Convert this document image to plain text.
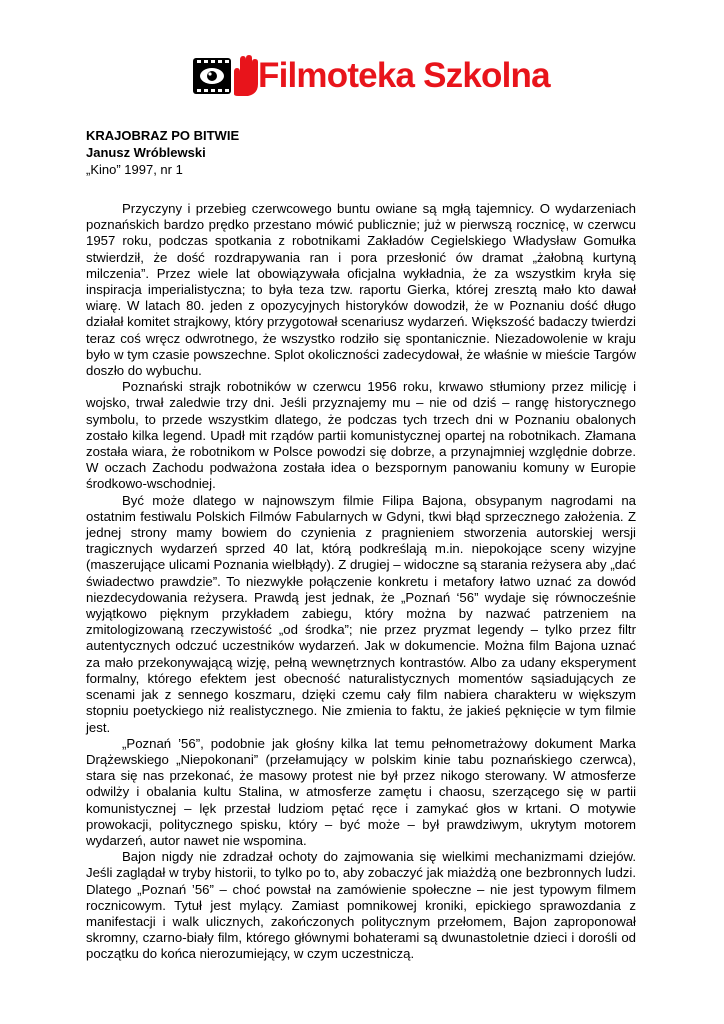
Filmoteka Szkolna
KRAJOBRAZ PO BITWIE
Janusz Wróblewski
„Kino” 1997, nr 1

Przyczyny i przebieg czerwcowego buntu owiane są mgłą tajemnicy. O wydarzeniach poznańskich bardzo prędko przestano mówić publicznie; już w pierwszą rocznicę, w czerwcu 1957 roku, podczas spotkania z robotnikami Zakładów Cegielskiego Władysław Gomułka stwierdził, że dość rozdrapywania ran i pora przesłonić ów dramat „żałobną kurtyną milczenia”. Przez wiele lat obowiązywała oficjalna wykładnia, że za wszystkim kryła się inspiracja imperialistyczna; to była teza tzw. raportu Gierka, której zresztą mało kto dawał wiarę. W latach 80. jeden z opozycyjnych historyków dowodził, że w Poznaniu dość długo działał komitet strajkowy, który przygotował scenariusz wydarzeń. Większość badaczy twierdzi teraz coś wręcz odwrotnego, że wszystko rodziło się spontanicznie. Niezadowolenie w kraju było w tym czasie powszechne. Splot okoliczności zadecydował, że właśnie w mieście Targów doszło do wybuchu.

Poznański strajk robotników w czerwcu 1956 roku, krwawo stłumiony przez milicję i wojsko, trwał zaledwie trzy dni. Jeśli przyznajemy mu – nie od dziś – rangę historycznego symbolu, to przede wszystkim dlatego, że podczas tych trzech dni w Poznaniu obalonych zostało kilka legend. Upadł mit rządów partii komunistycznej opartej na robotnikach. Złamana została wiara, że robotnikom w Polsce powodzi się dobrze, a przynajmniej względnie dobrze. W oczach Zachodu podważona została idea o bezspornym panowaniu komuny w Europie środkowo-wschodniej.

Być może dlatego w najnowszym filmie Filipa Bajona, obsypanym nagrodami na ostatnim festiwalu Polskich Filmów Fabularnych w Gdyni, tkwi błąd sprzecznego założenia. Z jednej strony mamy bowiem do czynienia z pragnieniem stworzenia autorskiej wersji tragicznych wydarzeń sprzed 40 lat, którą podkreślają m.in. niepokojące sceny wizyjne (maszerujące ulicami Poznania wielbłądy). Z drugiej – widoczne są starania reżysera aby „dać świadectwo prawdzie”. To niezwykłe połączenie konkretu i metafory łatwo uznać za dowód niezdecydowania reżysera. Prawdą jest jednak, że „Poznań ‘56” wydaje się równocześnie wyjątkowo pięknym przykładem zabiegu, który można by nazwać patrzeniem na zmitologizowaną rzeczywistość „od środka”; nie przez pryzmat legendy – tylko przez filtr autentycznych odczuć uczestników wydarzeń. Jak w dokumencie. Można film Bajona uznać za mało przekonywającą wizję, pełną wewnętrznych kontrastów. Albo za udany eksperyment formalny, którego efektem jest obecność naturalistycznych momentów sąsiadujących ze scenami jak z sennego koszmaru, dzięki czemu cały film nabiera charakteru w większym stopniu poetyckiego niż realistycznego. Nie zmienia to faktu, że jakieś pęknięcie w tym filmie jest.

„Poznań ’56”, podobnie jak głośny kilka lat temu pełnometrażowy dokument Marka Drążewskiego „Niepokonani” (przełamujący w polskim kinie tabu poznańskiego czerwca), stara się nas przekonać, że masowy protest nie był przez nikogo sterowany. W atmosferze odwilży i obalania kultu Stalina, w atmosferze zamętu i chaosu, szerzącego się w partii komunistycznej – lęk przestał ludziom pętać ręce i zamykać głos w krtani. O motywie prowokacji, politycznego spisku, który – być może – był prawdziwym, ukrytym motorem wydarzeń, autor nawet nie wspomina.

Bajon nigdy nie zdradzał ochoty do zajmowania się wielkimi mechanizmami dziejów. Jeśli zaglądał w tryby historii, to tylko po to, aby zobaczyć jak miażdżą one bezbronnych ludzi. Dlatego „Poznań ’56” – choć powstał na zamówienie społeczne – nie jest typowym filmem rocznicowym. Tytuł jest mylący. Zamiast pomnikowej kroniki, epickiego sprawozdania z manifestacji i walk ulicznych, zakończonych politycznym przełomem, Bajon zaproponował skromny, czarno-biały film, którego głównymi bohaterami są dwunastoletnie dzieci i dorośli od początku do końca nierozumiejący, w czym uczestniczą.
